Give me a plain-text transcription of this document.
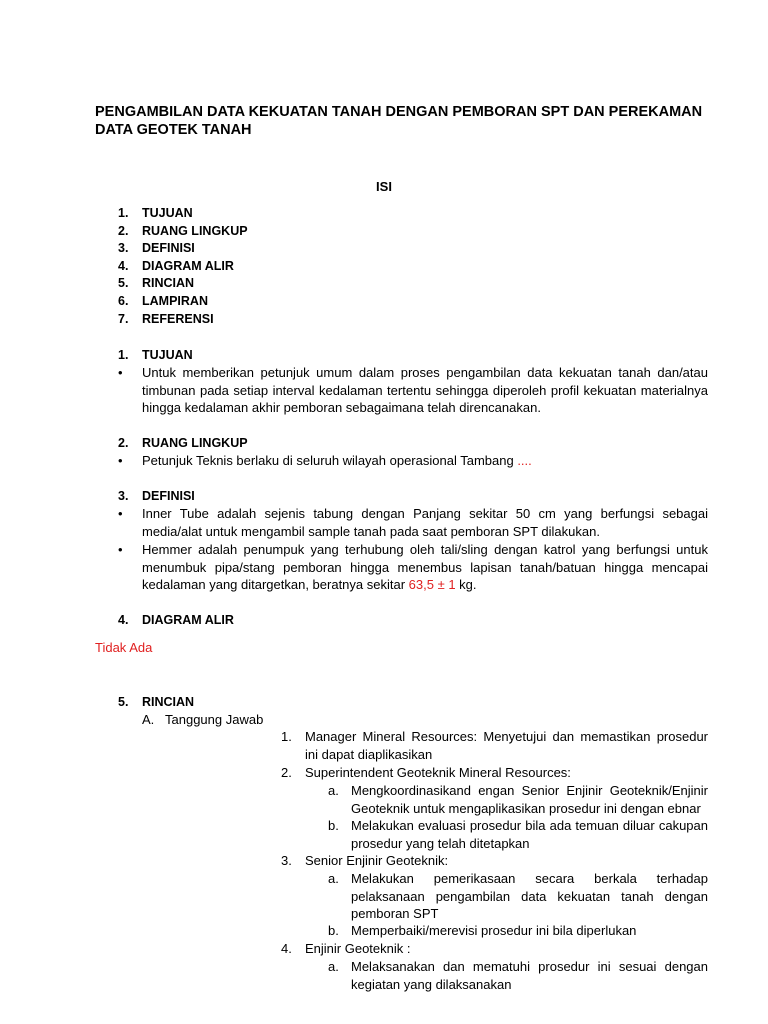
PENGAMBILAN DATA KEKUATAN TANAH DENGAN PEMBORAN SPT DAN PEREKAMAN DATA GEOTEK TANAH
ISI
1. TUJUAN
2. RUANG LINGKUP
3. DEFINISI
4. DIAGRAM ALIR
5. RINCIAN
6. LAMPIRAN
7. REFERENSI
1. TUJUAN
• Untuk memberikan petunjuk umum dalam proses pengambilan data kekuatan tanah dan/atau timbunan pada setiap interval kedalaman tertentu sehingga diperoleh profil kekuatan materialnya hingga kedalaman akhir pemboran sebagaimana telah direncanakan.
2. RUANG LINGKUP
• Petunjuk Teknis berlaku di seluruh wilayah operasional Tambang ....
3. DEFINISI
• Inner Tube adalah sejenis tabung dengan Panjang sekitar 50 cm yang berfungsi sebagai media/alat untuk mengambil sample tanah pada saat pemboran SPT dilakukan.
• Hemmer adalah penumpuk yang terhubung oleh tali/sling dengan katrol yang berfungsi untuk menumbuk pipa/stang pemboran hingga menembus lapisan tanah/batuan hingga mencapai kedalaman yang ditargetkan, beratnya sekitar 63,5 ± 1 kg.
4. DIAGRAM ALIR
Tidak Ada
5. RINCIAN
A. Tanggung Jawab
1. Manager Mineral Resources: Menyetujui dan memastikan prosedur ini dapat diaplikasikan
2. Superintendent Geoteknik Mineral Resources:
a. Mengkoordinasikand engan Senior Enjinir Geoteknik/Enjinir Geoteknik untuk mengaplikasikan prosedur ini dengan ebnar
b. Melakukan evaluasi prosedur bila ada temuan diluar cakupan prosedur yang telah ditetapkan
3. Senior Enjinir Geoteknik:
a. Melakukan pemerikasaan secara berkala terhadap pelaksanaan pengambilan data kekuatan tanah dengan pemboran SPT
b. Memperbaiki/merevisi prosedur ini bila diperlukan
4. Enjinir Geoteknik :
a. Melaksanakan dan mematuhi prosedur ini sesuai dengan kegiatan yang dilaksanakan
